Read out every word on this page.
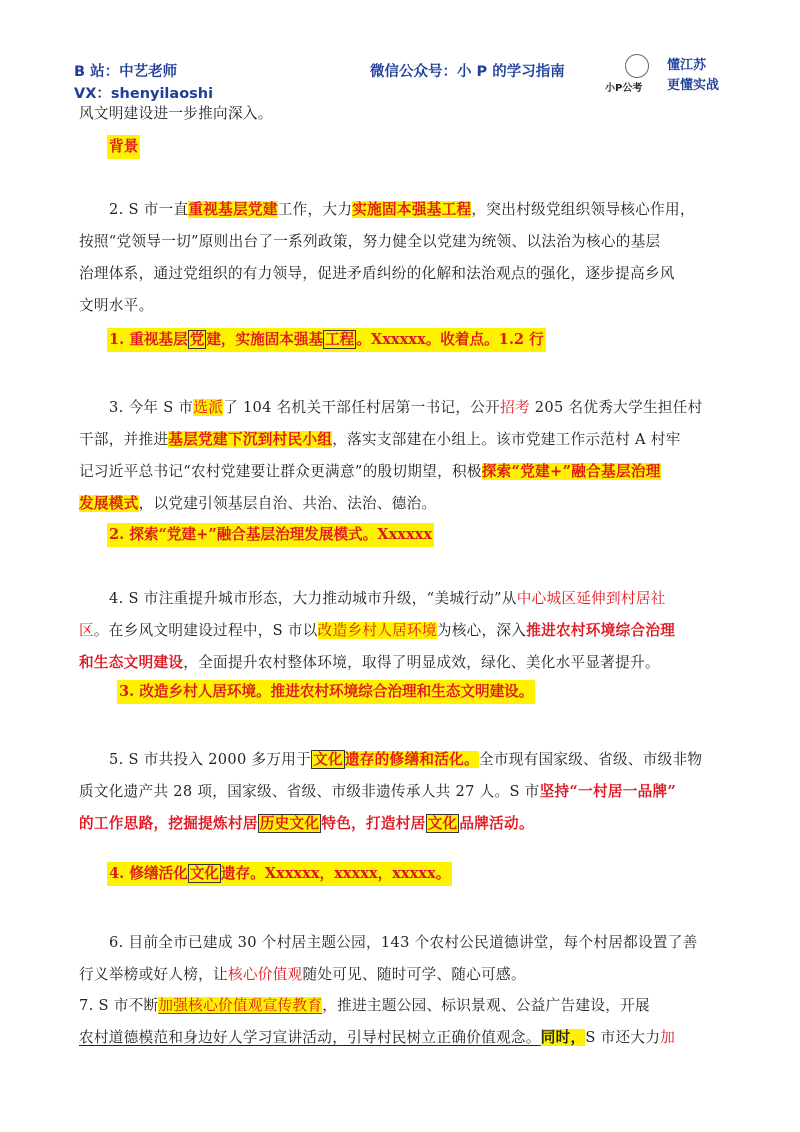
B 站：中艺老师
VX：shenyilaoshi
微信公众号：小 P 的学习指南
小P公考
懂江苏
更懂实战
风文明建设进一步推向深入。
背景
2. S 市一直重视基层党建工作，大力实施固本强基工程，突出村级党组织领导核心作用，
按照“党领导一切”原则出台了一系列政策，努力健全以党建为统领、以法治为核心的基层
治理体系，通过党组织的有力领导，促进矛盾纠纷的化解和法治观点的强化，逐步提高乡风
文明水平。
1. 重视基层 党 建，实施固本强基 工程 。Xxxxxx。收着点。1.2 行
3. 今年 S 市选派了 104 名机关干部任村居第一书记，公开招考 205 名优秀大学生担任村
干部，并推进基层党建下沉到村民小组，落实支部建在小组上。该市党建工作示范村 A 村牢
记习近平总书记“农村党建要让群众更满意”的殷切期望，积极探索“党建+”融合基层治理
发展模式，以党建引领基层自治、共治、法治、德治。
2. 探索“党建+”融合基层治理发展模式。Xxxxxx
4. S 市注重提升城市形态，大力推动城市升级，“美城行动”从中心城区延伸到村居社
区。在乡风文明建设过程中，S 市以改造乡村人居环境为核心，深入推进农村环境综合治理
和生态文明建设，全面提升农村整体环境，取得了明显成效，绿化、美化水平显著提升。
3. 改造乡村人居环境。推进农村环境综合治理和生态文明建设。
5. S 市共投入 2000 多万用于 文化 遗存的修缮和活化。全市现有国家级、省级、市级非物
质文化遗产共 28 项，国家级、省级、市级非遗传承人共 27 人。S 市坚持“一村居一品牌”
的工作思路，挖掘提炼村居 历史文化 特色，打造村居 文化 品牌活动。
4. 修缮活化 文化 遗存。Xxxxxx，xxxxx，xxxxx。
6. 目前全市已建成 30 个村居主题公园，143 个农村公民道德讲堂，每个村居都设置了善
行义举榜或好人榜，让核心价值观随处可见、随时可学、随心可感。
7. S 市不断加强核心价值观宣传教育，推进主题公园、标识景观、公益广告建设，开展
农村道德模范和身边好人学习宣讲活动，引导村民树立正确价值观念。同时，S 市还大力加
